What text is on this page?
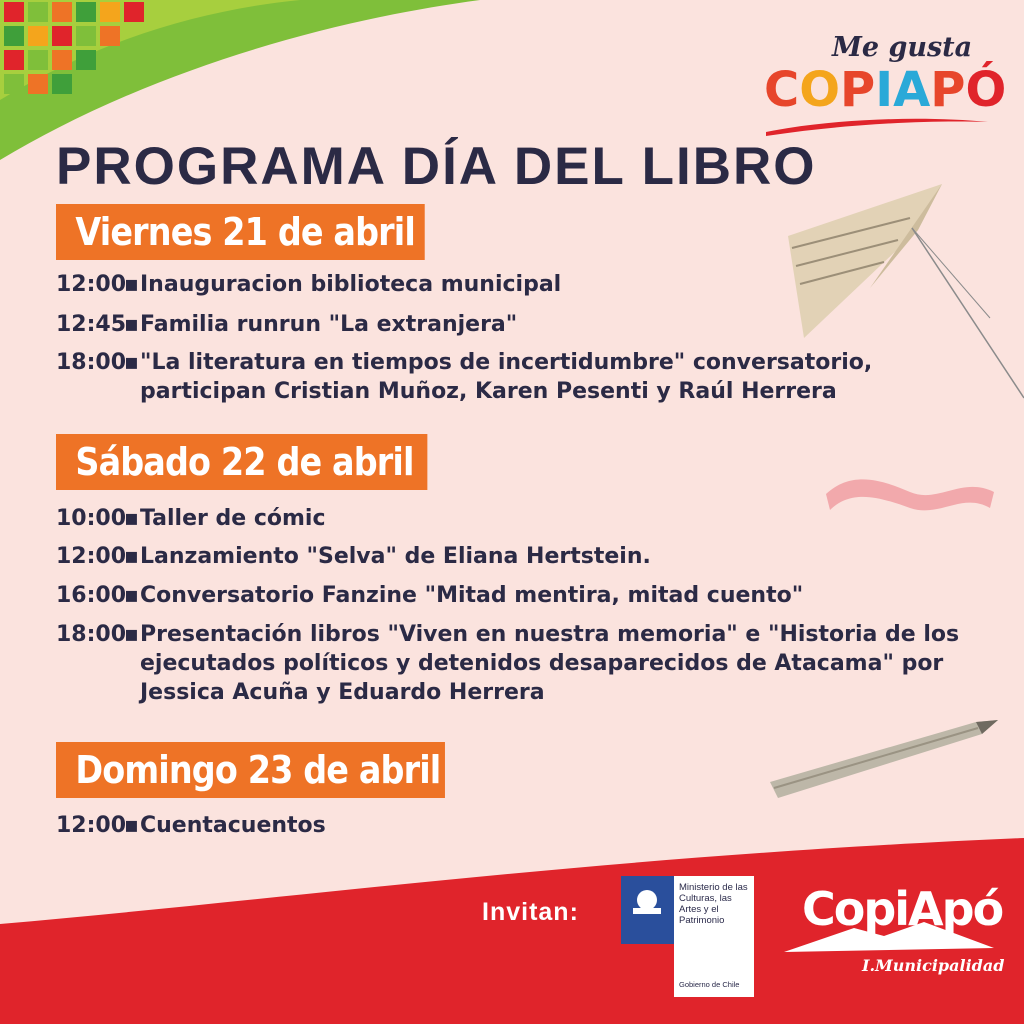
Me gusta
COPIAPÓ
PROGRAMA DÍA DEL LIBRO
Viernes 21 de abril
12:00
▪ Inauguracion biblioteca municipal
12:45
▪ Familia runrun "La extranjera"
18:00
▪ "La literatura en tiempos de incertidumbre" conversatorio, participan Cristian Muñoz, Karen Pesenti y Raúl Herrera
Sábado 22 de abril
10:00
▪ Taller de cómic
12:00
▪ Lanzamiento "Selva" de Eliana Hertstein.
16:00
▪ Conversatorio Fanzine "Mitad mentira, mitad cuento"
18:00
▪ Presentación libros "Viven en nuestra memoria" e "Historia de los ejecutados políticos y detenidos desaparecidos de Atacama" por Jessica Acuña y Eduardo Herrera
Domingo 23 de abril
12:00
▪ Cuentacuentos
Invitan:
Ministerio de las Culturas, las Artes y el Patrimonio
Gobierno de Chile
CopiApó
I.Municipalidad
